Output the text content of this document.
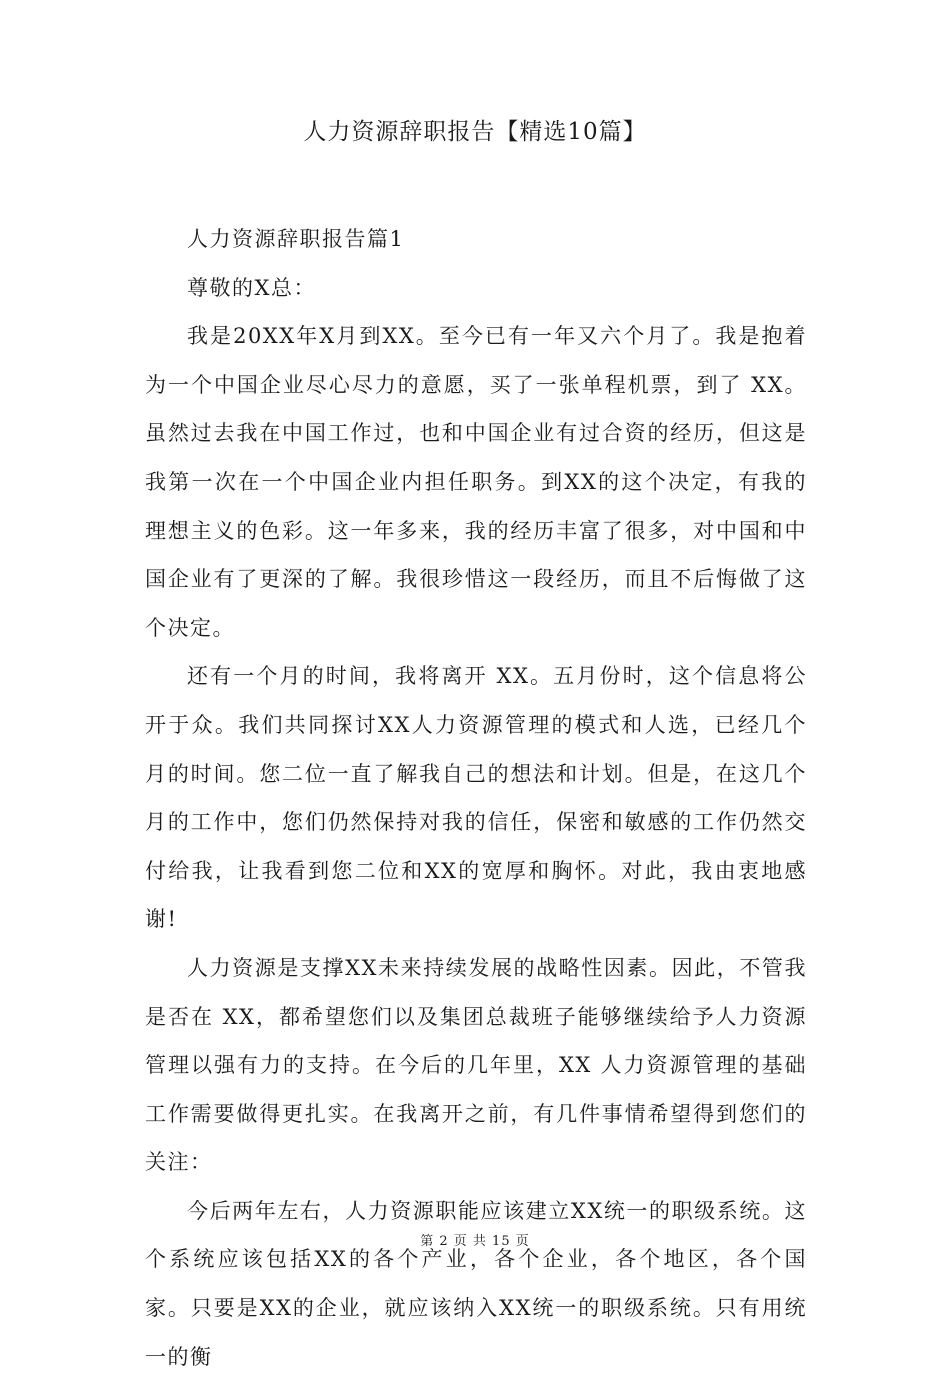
人力资源辞职报告【精选10篇】

人力资源辞职报告篇1

尊敬的X总：

我是20XX年X月到XX。至今已有一年又六个月了。我是抱着为一个中国企业尽心尽力的意愿，买了一张单程机票，到了 XX。虽然过去我在中国工作过，也和中国企业有过合资的经历，但这是我第一次在一个中国企业内担任职务。到XX的这个决定，有我的理想主义的色彩。这一年多来，我的经历丰富了很多，对中国和中国企业有了更深的了解。我很珍惜这一段经历，而且不后悔做了这个决定。

还有一个月的时间，我将离开 XX。五月份时，这个信息将公开于众。我们共同探讨XX人力资源管理的模式和人选，已经几个月的时间。您二位一直了解我自己的想法和计划。但是，在这几个月的工作中，您们仍然保持对我的信任，保密和敏感的工作仍然交付给我，让我看到您二位和XX的宽厚和胸怀。对此，我由衷地感谢!

人力资源是支撑XX未来持续发展的战略性因素。因此，不管我是否在 XX，都希望您们以及集团总裁班子能够继续给予人力资源管理以强有力的支持。在今后的几年里，XX 人力资源管理的基础工作需要做得更扎实。在我离开之前，有几件事情希望得到您们的关注：

今后两年左右，人力资源职能应该建立XX统一的职级系统。这个系统应该包括XX的各个产业，各个企业，各个地区，各个国家。只要是XX的企业，就应该纳入XX统一的职级系统。只有用统一的衡

第 2 页 共 15 页
